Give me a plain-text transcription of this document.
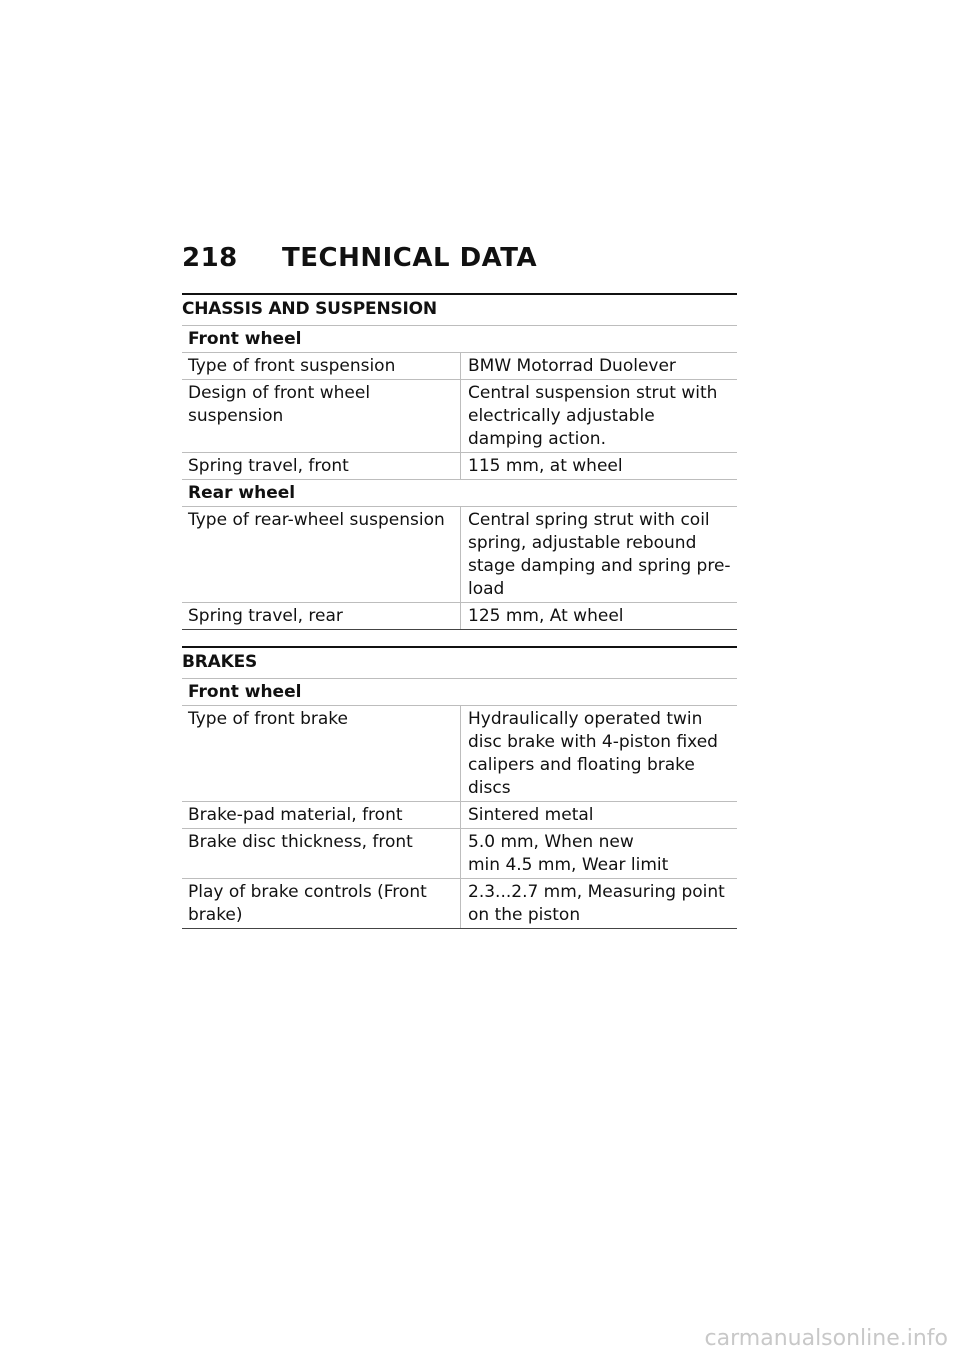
218 TECHNICAL DATA
CHASSIS AND SUSPENSION
Front wheel	
Type of front suspension	BMW Motorrad Duolever

Design of front wheel suspension	Central suspension strut with electrically adjustable damping action.

Spring travel, front	115 mm, at wheel

Rear wheel	
Type of rear-wheel suspension	Central spring strut with coil spring, adjustable rebound stage damping and spring pre-load

Spring travel, rear	125 mm, At wheel
BRAKES
Front wheel	
Type of front brake	Hydraulically operated twin disc brake with 4-piston fixed calipers and floating brake discs

Brake-pad material, front	Sintered metal

Brake disc thickness, front	5.0 mm, When new
min 4.5 mm, Wear limit

Play of brake controls (Front brake)	2.3...2.7 mm, Measuring point on the piston
carmanualsonline.info
